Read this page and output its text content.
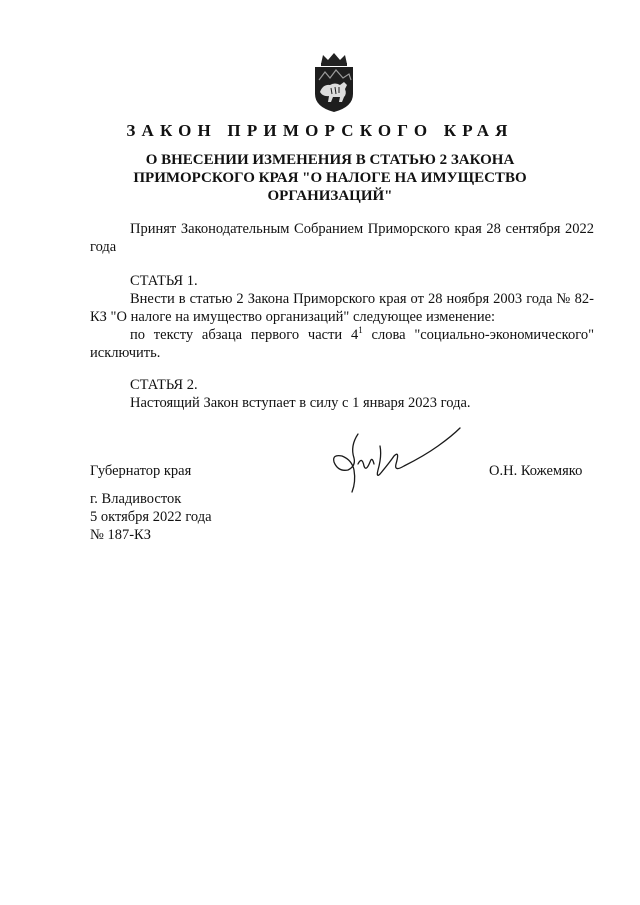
ЗАКОН ПРИМОРСКОГО КРАЯ
О ВНЕСЕНИИ ИЗМЕНЕНИЯ В СТАТЬЮ 2 ЗАКОНА
ПРИМОРСКОГО КРАЯ "О НАЛОГЕ НА ИМУЩЕСТВО
ОРГАНИЗАЦИЙ"
Принят Законодательным Собранием Приморского края 28 сентября 2022 года
СТАТЬЯ 1.
Внести в статью 2 Закона Приморского края от 28 ноября 2003 года № 82-КЗ "О налоге на имущество организаций" следующее изменение:
по тексту абзаца первого части $4^1$ слова "социально-экономического" исключить.
СТАТЬЯ 2.
Настоящий Закон вступает в силу с 1 января 2023 года.
Губернатор края	О.Н. Кожемяко
г. Владивосток
5 октября 2022 года
№ 187-КЗ
